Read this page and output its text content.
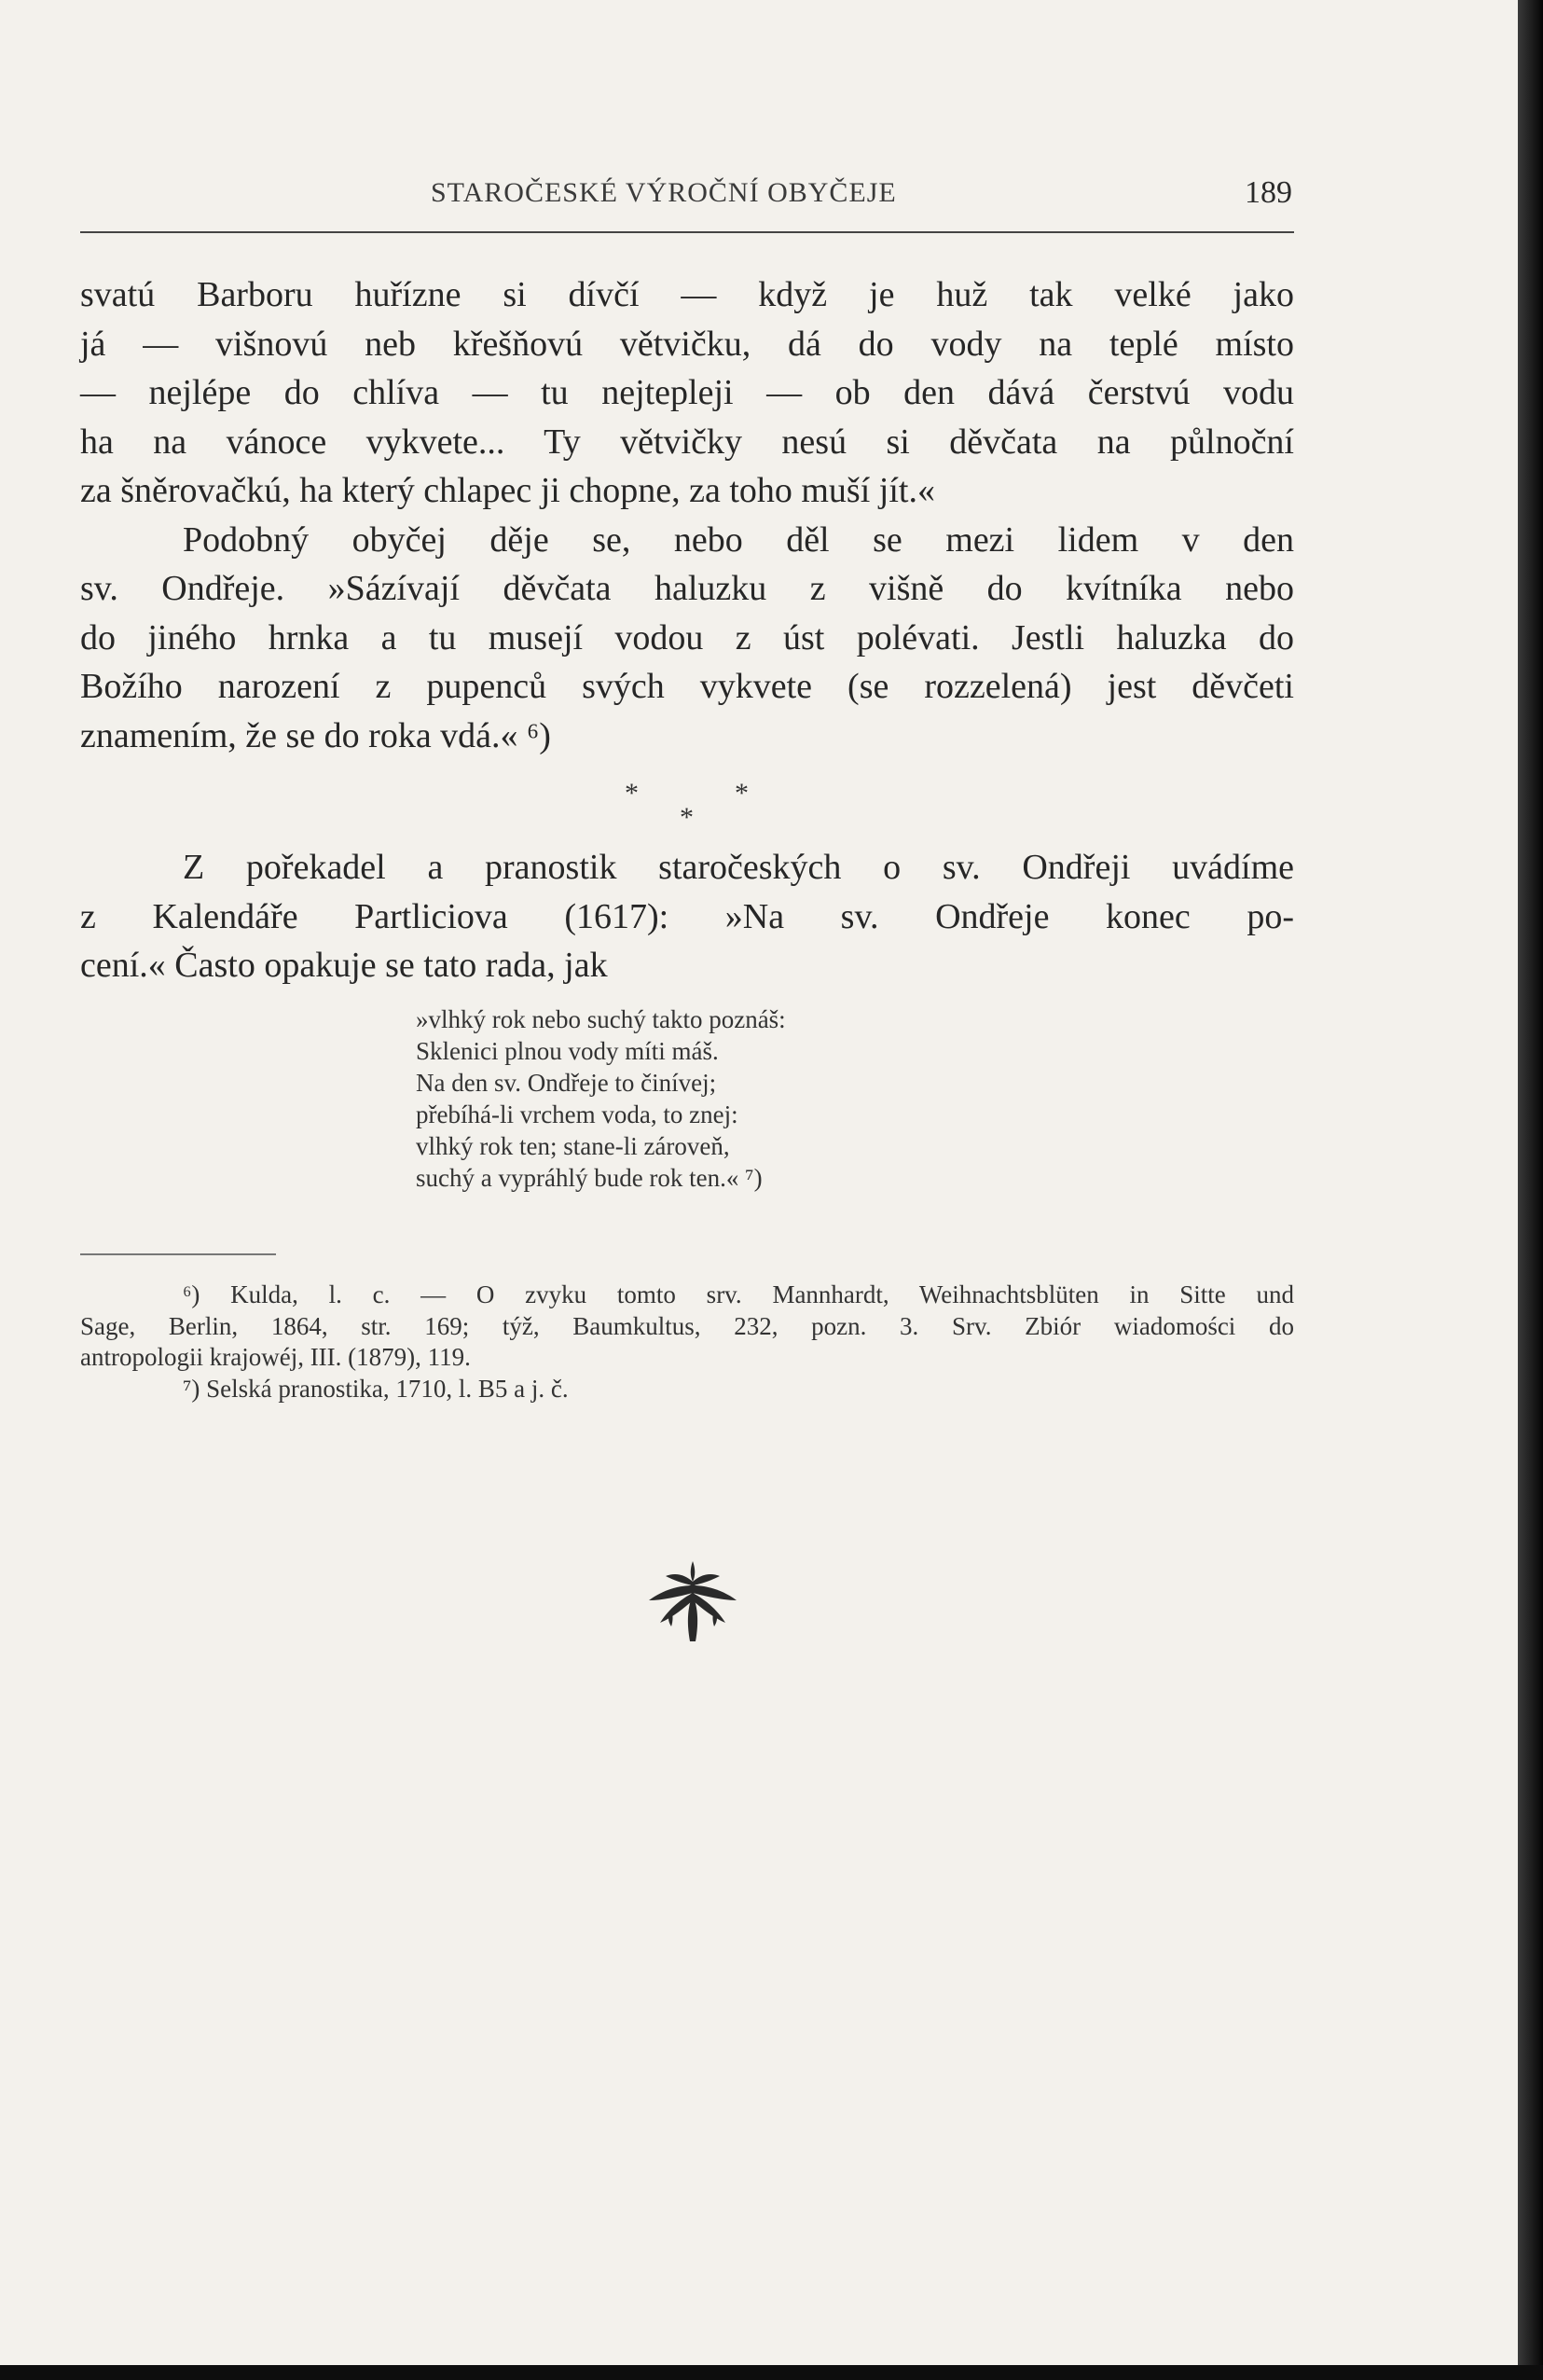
STAROČESKÉ VÝROČNÍ OBYČEJE	189
svatú Barboru huřízne si dívčí — když je huž tak velké jako
já — višnovú neb křešňovú větvičku, dá do vody na teplé místo
— nejlépe do chlíva — tu nejtepleji — ob den dává čerstvú vodu
ha na vánoce vykvete... Ty větvičky nesú si děvčata na půlnoční
za šněrovačkú, ha který chlapec ji chopne, za toho muší jít.«
Podobný obyčej děje se, nebo děl se mezi lidem v den
sv. Ondřeje. »Sázívají děvčata haluzku z višně do kvítníka nebo
do jiného hrnka a tu musejí vodou z úst polévati. Jestli haluzka do
Božího narození z pupenců svých vykvete (se rozzelená) jest děvčeti
znamením, že se do roka vdá.« ⁶)
*	*
*
Z pořekadel a pranostik staročeských o sv. Ondřeji uvádíme
z Kalendáře Partliciova (1617): »Na sv. Ondřeje konec po-
cení.« Často opakuje se tato rada, jak
»vlhký rok nebo suchý takto poznáš:
Sklenici plnou vody míti máš.
Na den sv. Ondřeje to činívej;
přebíhá-li vrchem voda, to znej:
vlhký rok ten; stane-li zároveň,
suchý a vypráhlý bude rok ten.« ⁷)
⁶) Kulda, l. c. — O zvyku tomto srv. Mannhardt, Weihnachtsblüten in Sitte und
Sage, Berlin, 1864, str. 169; týž, Baumkultus, 232, pozn. 3. Srv. Zbiór wiadomości do
antropologii krajowéj, III. (1879), 119.
⁷) Selská pranostika, 1710, l. B5 a j. č.
